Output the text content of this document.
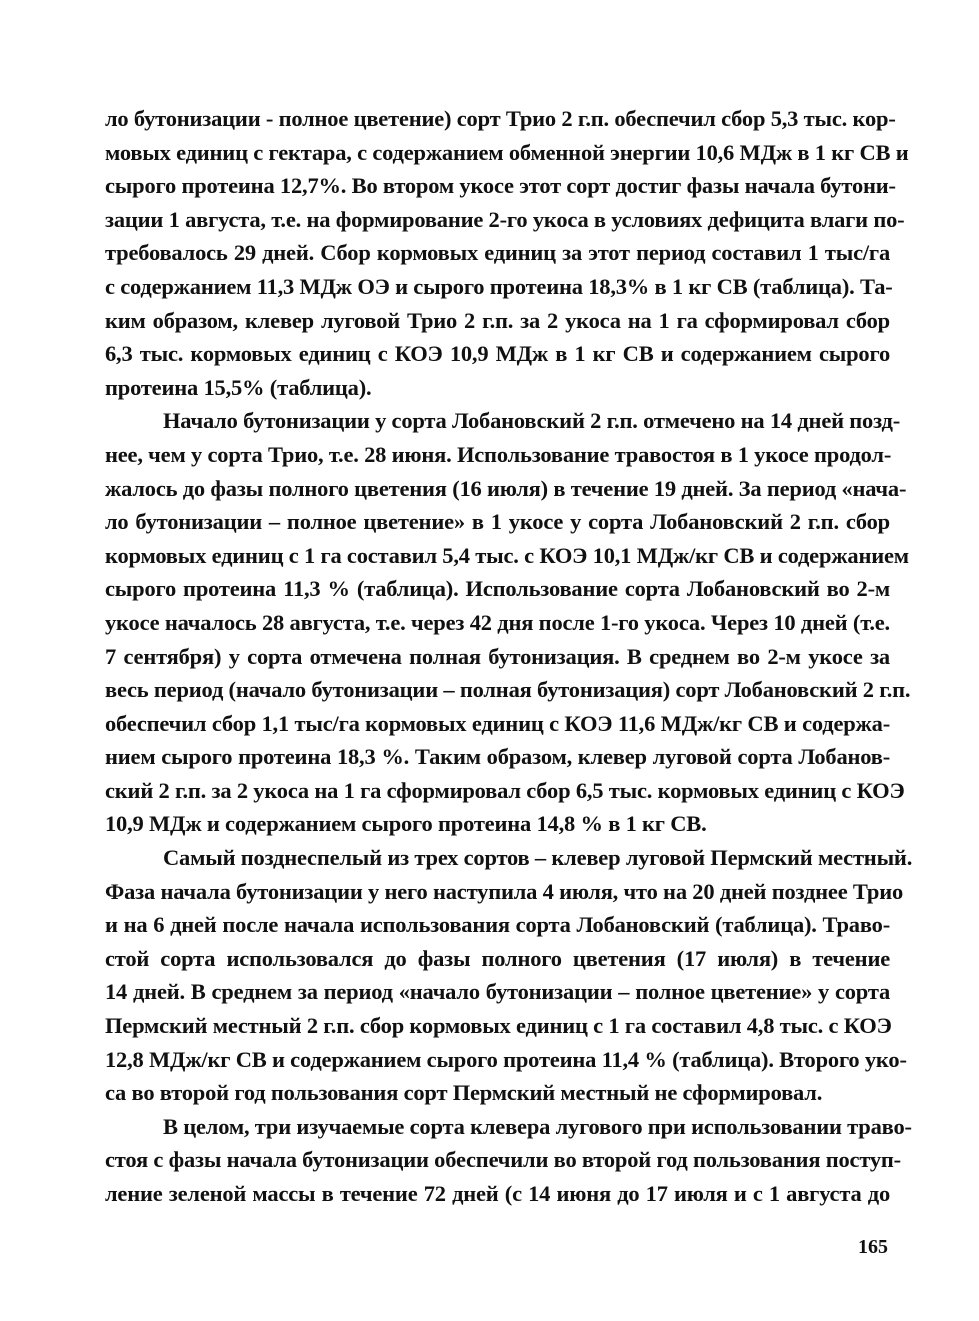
ло бутонизации - полное цветение) сорт Трио 2 г.п. обеспечил сбор 5,3 тыс. кор-
мовых единиц с гектара, с содержанием обменной энергии 10,6 МДж в 1 кг СВ и
сырого протеина 12,7%. Во втором укосе этот сорт достиг фазы начала бутони-
зации 1 августа, т.е. на формирование 2-го укоса в условиях дефицита влаги по-
требовалось 29 дней. Сбор кормовых единиц за этот период составил 1 тыс/га
с содержанием 11,3 МДж ОЭ и сырого протеина 18,3% в 1 кг СВ (таблица). Та-
ким образом, клевер луговой Трио 2 г.п. за 2 укоса на 1 га сформировал сбор
6,3 тыс. кормовых единиц с КОЭ 10,9 МДж в 1 кг СВ и содержанием сырого
протеина 15,5% (таблица).
Начало бутонизации у сорта Лобановский 2 г.п. отмечено на 14 дней позд-
нее, чем у сорта Трио, т.е. 28 июня. Использование травостоя в 1 укосе продол-
жалось до фазы полного цветения (16 июля) в течение 19 дней. За период «нача-
ло бутонизации – полное цветение» в 1 укосе у сорта Лобановский 2 г.п. сбор
кормовых единиц с 1 га составил 5,4 тыс. с КОЭ 10,1 МДж/кг СВ и содержанием
сырого протеина 11,3 % (таблица). Использование сорта Лобановский во 2-м
укосе началось 28 августа, т.е. через 42 дня после 1-го укоса. Через 10 дней (т.е.
7 сентября) у сорта отмечена полная бутонизация. В среднем во 2-м укосе за
весь период (начало бутонизации – полная бутонизация) сорт Лобановский 2 г.п.
обеспечил сбор 1,1 тыс/га кормовых единиц с КОЭ 11,6 МДж/кг СВ и содержа-
нием сырого протеина 18,3 %. Таким образом, клевер луговой сорта Лобанов-
ский 2 г.п. за 2 укоса на 1 га сформировал сбор 6,5 тыс. кормовых единиц с КОЭ
10,9 МДж и содержанием сырого протеина 14,8 % в 1 кг СВ.
Самый позднеспелый из трех сортов – клевер луговой Пермский местный.
Фаза начала бутонизации у него наступила 4 июля, что на 20 дней позднее Трио
и на 6 дней после начала использования сорта Лобановский (таблица). Траво-
стой сорта использовался до фазы полного цветения (17 июля) в течение
14 дней. В среднем за период «начало бутонизации – полное цветение» у сорта
Пермский местный 2 г.п. сбор кормовых единиц с 1 га составил 4,8 тыс. с КОЭ
12,8 МДж/кг СВ и содержанием сырого протеина 11,4 % (таблица). Второго уко-
са во второй год пользования сорт Пермский местный не сформировал.
В целом, три изучаемые сорта клевера лугового при использовании траво-
стоя с фазы начала бутонизации обеспечили во второй год пользования поступ-
ление зеленой массы в течение 72 дней (с 14 июня до 17 июля и с 1 августа до
165
